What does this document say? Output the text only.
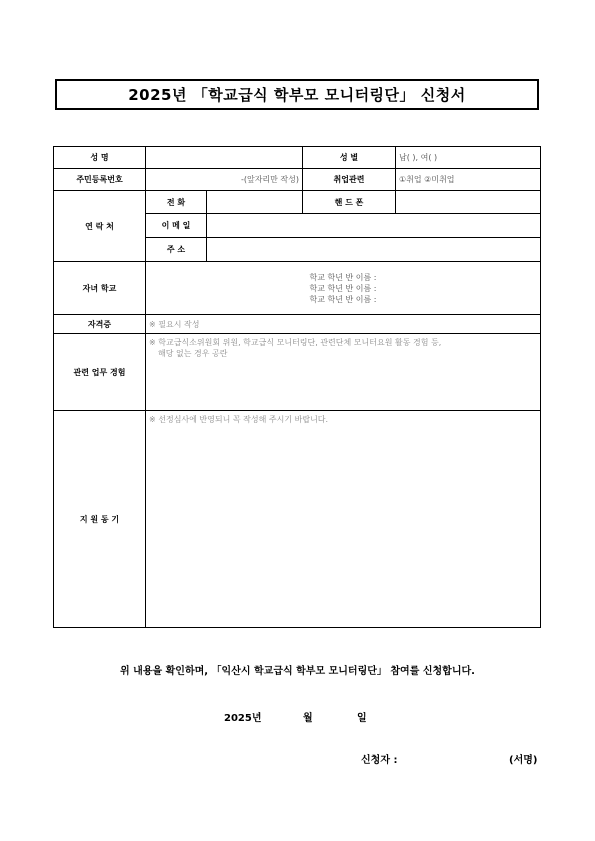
2025년 「학교급식 학부모 모니터링단」 신청서
성 명			성 별	남( ), 여( )
주민등록번호	-(앞자리만 작성)		취업관련	①취업 ②미취업
연 락 처	전 화		핸 드 폰	
	이 메 일			
	주 소			
자녀 학교	학교 학년 반 이름 :
학교 학년 반 이름 :
학교 학년 반 이름 :			

자격증	※ 필요시 작성			
관련 업무 경험	※ 학교급식소위원회 위원, 학교급식 모니터링단, 관련단체 모니터요원 활동 경험 등,
해당 없는 경우 공란			

지 원 동 기	※ 선정심사에 반영되니 꼭 작성해 주시기 바랍니다.			
위 내용을 확인하며, 「익산시 학교급식 학부모 모니터링단」 참여를 신청합니다.
2025년	월	일
신청자 :	(서명)
